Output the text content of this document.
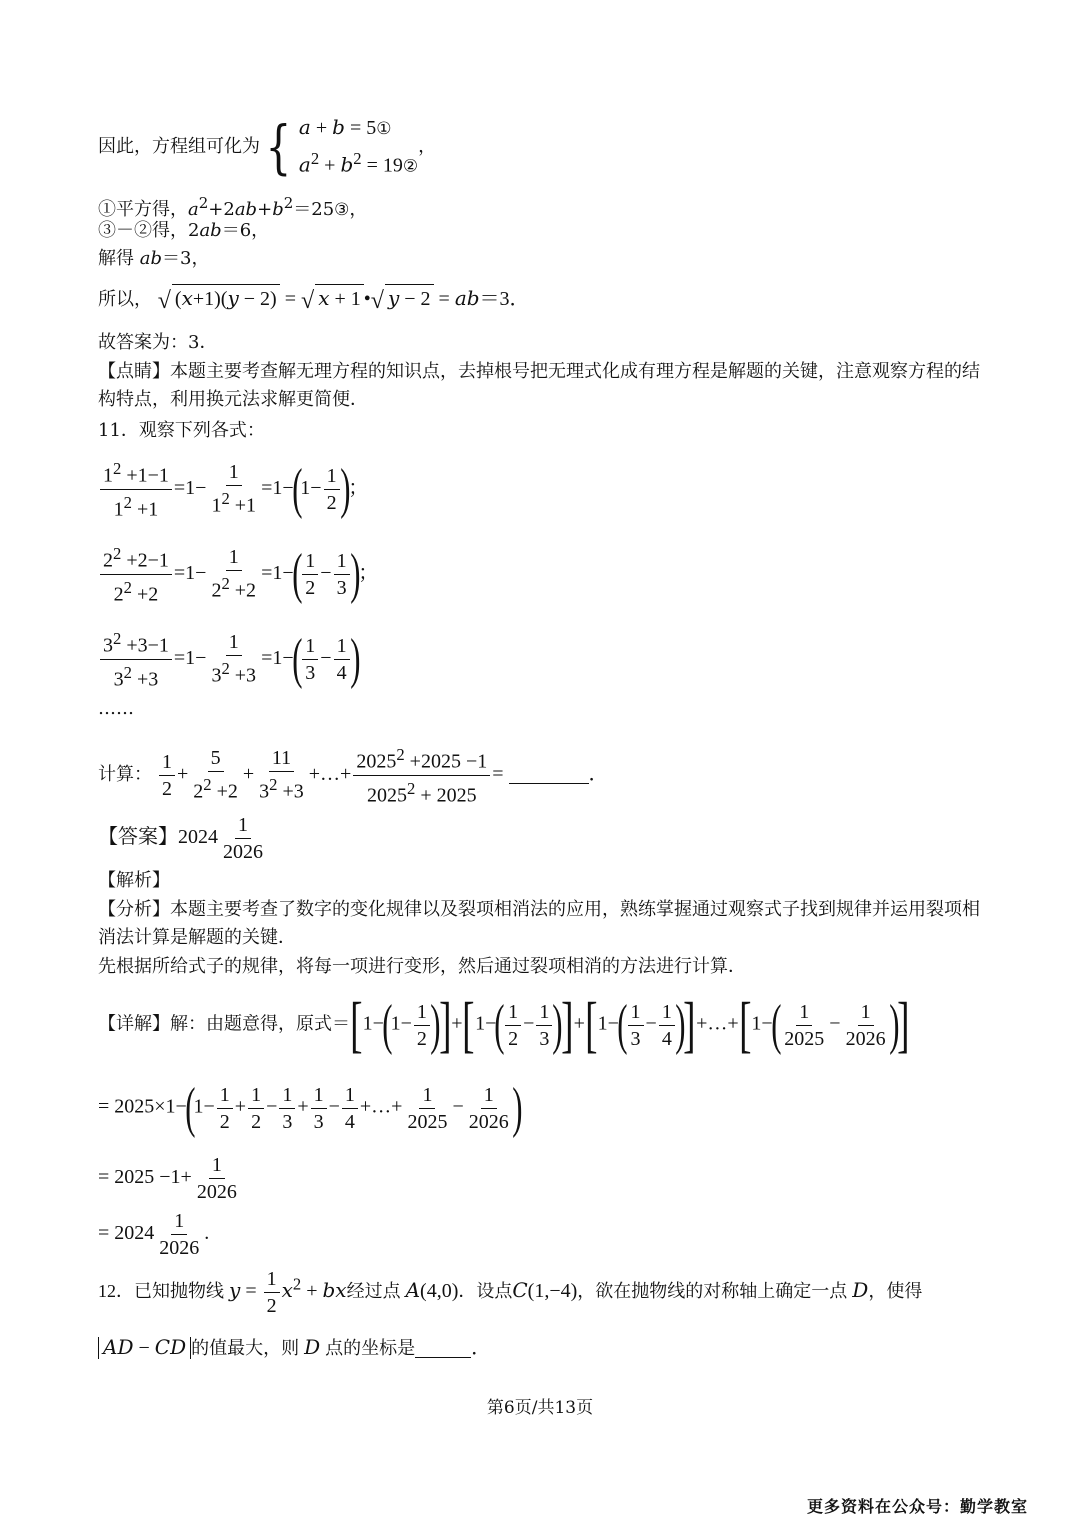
因此，方程组可化为{ a + b = 5①
$a^2 + b^2$ = 19②
，
①平方得，$a^2+2ab+b^2=25③$，
③－②得，2ab＝6，
解得 ab＝3，
所以， √ (x+1)(y − 2) = √ x + 1 •√ y − 2 = ab＝3．
故答案为：3．
【点睛】本题主要考查解无理方程的知识点，去掉根号把无理式化成有理方程是解题的关键，注意观察方程的结构特点，利用换元法求解更简便．
11．观察下列各式：
$\frac{1^2 +1-1}{1^2 +1} =1- \frac{1}{1^2 +1} =1-(1- \frac{1}{2}$ )；
$\frac{2^2 +2-1}{2^2 +2} =1- \frac{1}{2^2 +2} =1-( \frac{1}{2} - \frac{1}{3}$ )；
$\frac{3^2 +3-1}{3^2 +3} =1- \frac{1}{3^2 +3} =1-( \frac{1}{3} - \frac{1}{4}$ )
……
计算： $\frac{1}{2} + \frac{5}{2^2 +2} + \frac{11}{3^2 +3}$ +…+ $\frac{2025^2 +2025 -1}{2025^2 + 2025}$ =	．
【答案】$2024 \frac{1}{2026}$
【解析】
【分析】本题主要考查了数字的变化规律以及裂项相消法的应用，熟练掌握通过观察式子找到规律并运用裂项相消法计算是解题的关键．
先根据所给式子的规律，将每一项进行变形，然后通过裂项相消的方法进行计算．
【详解】解：由题意得，原式$=[1-(1- \frac{1}{2} )]+[1-( \frac{1}{2} - \frac{1}{3} )]+[1-( \frac{1}{3} - \frac{1}{4}$ )]+…+[1−( $\frac{1}{2025} - \frac{1}{2026}$ )]
= $2025\times 1-(1- \frac{1}{2} + \frac{1}{2} - \frac{1}{3} + \frac{1}{3} - \frac{1}{4}$ +…+ $\frac{1}{2025} - \frac{1}{2026}$ )
= $2025 -1+ \frac{1}{2026}$
= $2024 \frac{1}{2026}$ .
12．已知抛物线 $y = \frac{1}{2} x^2$ + bx经过点 A(4,0)．设点C(1,−4)，欲在抛物线的对称轴上确定一点 D，使得
AD − CD 的值最大，则 D 点的坐标是	．
第6页/共13页
更多资料在公众号：勤学教室
